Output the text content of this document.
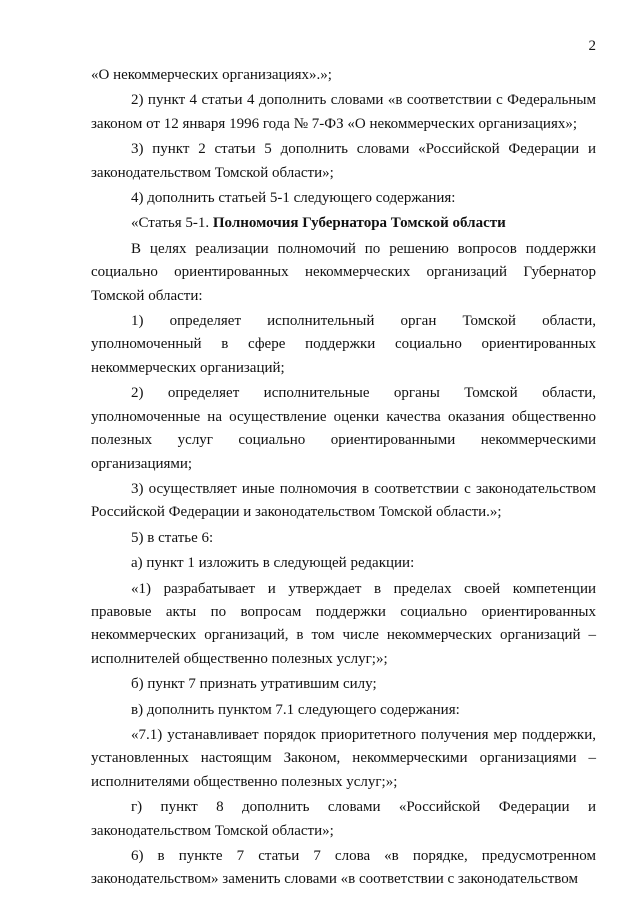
2

«О некоммерческих организациях».»;

2) пункт 4 статьи 4 дополнить словами «в соответствии с Федеральным законом от 12 января 1996 года № 7-ФЗ «О некоммерческих организациях»;

3) пункт 2 статьи 5 дополнить словами «Российской Федерации и законодательством Томской области»;

4) дополнить статьей 5-1 следующего содержания:

«Статья 5-1. Полномочия Губернатора Томской области

В целях реализации полномочий по решению вопросов поддержки социально ориентированных некоммерческих организаций Губернатор Томской области:

1) определяет исполнительный орган Томской области, уполномоченный в сфере поддержки социально ориентированных некоммерческих организаций;

2) определяет исполнительные органы Томской области, уполномоченные на осуществление оценки качества оказания общественно полезных услуг социально ориентированными некоммерческими организациями;

3) осуществляет иные полномочия в соответствии с законодательством Российской Федерации и законодательством Томской области.»;

5) в статье 6:

а) пункт 1 изложить в следующей редакции:

«1) разрабатывает и утверждает в пределах своей компетенции правовые акты по вопросам поддержки социально ориентированных некоммерческих организаций, в том числе некоммерческих организаций – исполнителей общественно полезных услуг;»;

б) пункт 7 признать утратившим силу;

в) дополнить пунктом 7.1 следующего содержания:

«7.1) устанавливает порядок приоритетного получения мер поддержки, установленных настоящим Законом, некоммерческими организациями – исполнителями общественно полезных услуг;»;

г) пункт 8 дополнить словами «Российской Федерации и законодательством Томской области»;

6) в пункте 7 статьи 7 слова «в порядке, предусмотренном законодательством» заменить словами «в соответствии с законодательством
